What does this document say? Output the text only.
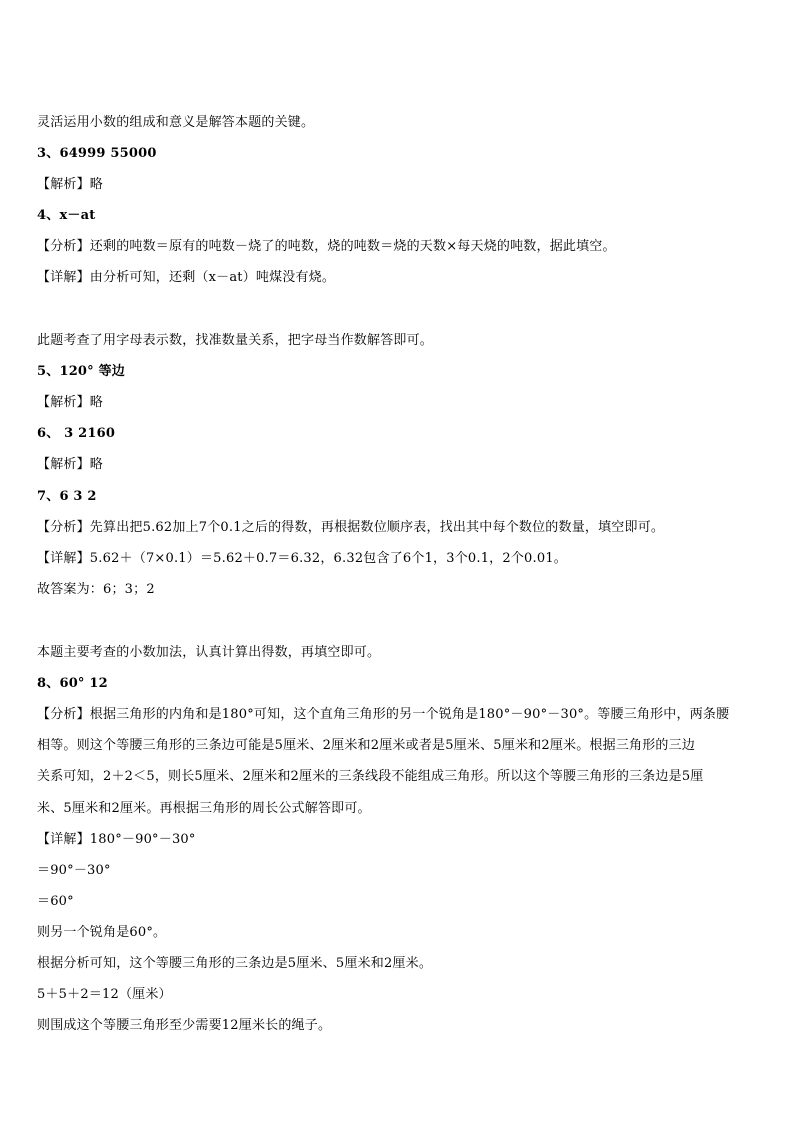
灵活运用小数的组成和意义是解答本题的关键。
3、64999 55000
【解析】略
4、x－at
【分析】还剩的吨数＝原有的吨数－烧了的吨数，烧的吨数＝烧的天数×每天烧的吨数，据此填空。
【详解】由分析可知，还剩（x－at）吨煤没有烧。
此题考查了用字母表示数，找准数量关系，把字母当作数解答即可。
5、120° 等边
【解析】略
6、 3 2160
【解析】略
7、6 3 2
【分析】先算出把5.62加上7个0.1之后的得数，再根据数位顺序表，找出其中每个数位的数量，填空即可。
【详解】5.62＋（7×0.1）＝5.62＋0.7＝6.32，6.32包含了6个1，3个0.1，2个0.01。
故答案为：6；3；2
本题主要考查的小数加法，认真计算出得数，再填空即可。
8、60° 12
【分析】根据三角形的内角和是180°可知，这个直角三角形的另一个锐角是180°－90°－30°。等腰三角形中，两条腰
相等。则这个等腰三角形的三条边可能是5厘米、2厘米和2厘米或者是5厘米、5厘米和2厘米。根据三角形的三边
关系可知，2＋2＜5，则长5厘米、2厘米和2厘米的三条线段不能组成三角形。所以这个等腰三角形的三条边是5厘
米、5厘米和2厘米。再根据三角形的周长公式解答即可。
【详解】180°－90°－30°
＝90°－30°
＝60°
则另一个锐角是60°。
根据分析可知，这个等腰三角形的三条边是5厘米、5厘米和2厘米。
5＋5＋2＝12（厘米）
则围成这个等腰三角形至少需要12厘米长的绳子。
